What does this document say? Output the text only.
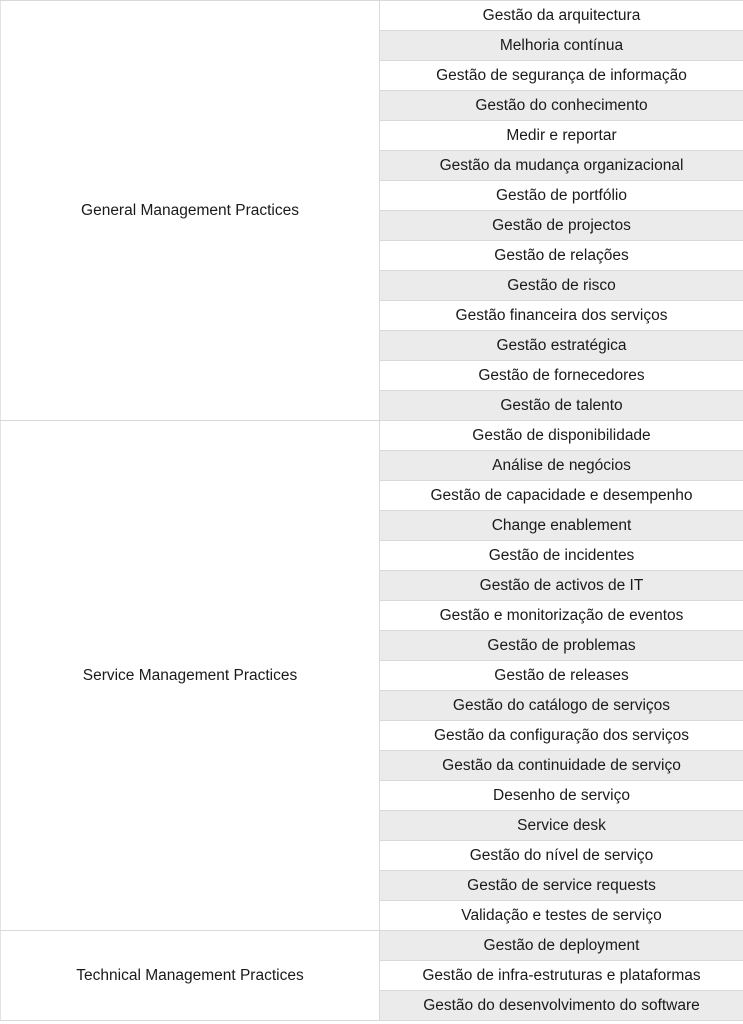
General Management Practices	Gestão da arquitectura
	Melhoria contínua
	Gestão de segurança de informação
	Gestão do conhecimento
	Medir e reportar
	Gestão da mudança organizacional
	Gestão de portfólio
	Gestão de projectos
	Gestão de relações
	Gestão de risco
	Gestão financeira dos serviços
	Gestão estratégica
	Gestão de fornecedores
	Gestão de talento
Service Management Practices	Gestão de disponibilidade
	Análise de negócios
	Gestão de capacidade e desempenho
	Change enablement
	Gestão de incidentes
	Gestão de activos de IT
	Gestão e monitorização de eventos
	Gestão de problemas
	Gestão de releases
	Gestão do catálogo de serviços
	Gestão da configuração dos serviços
	Gestão da continuidade de serviço
	Desenho de serviço
	Service desk
	Gestão do nível de serviço
	Gestão de service requests
	Validação e testes de serviço
Technical Management Practices	Gestão de deployment
	Gestão de infra-estruturas e plataformas
	Gestão do desenvolvimento do software
